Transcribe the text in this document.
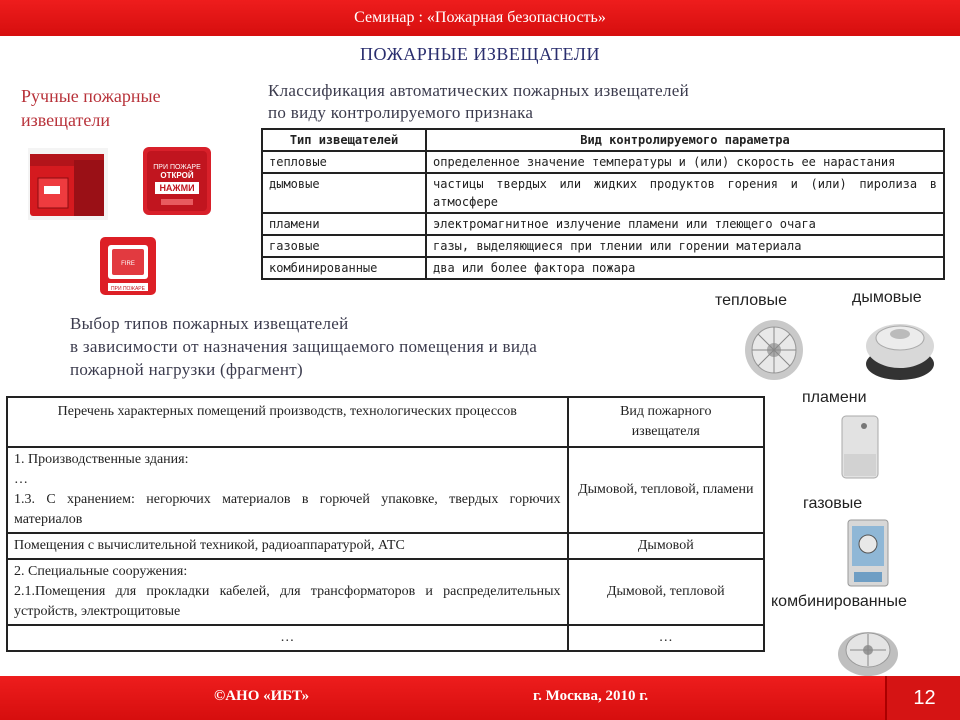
Семинар : «Пожарная безопасность»
ПОЖАРНЫЕ ИЗВЕЩАТЕЛИ
Ручные пожарные
извещатели
ПРИ ПОЖАРЕ
ОТКРОЙ
НАЖМИ
FIRE
ПРИ ПОЖАРЕ
Классификация автоматических пожарных извещателей
по виду контролируемого признака
Тип извещателей	Вид контролируемого параметра
тепловые	определенное значение температуры и (или) скорость ее нарастания
дымовые	частицы твердых или жидких продуктов горения и (или) пиролиза в атмосфере
пламени	электромагнитное излучение пламени или тлеющего очага
газовые	газы, выделяющиеся при тлении или горении материала
комбинированные	два или более фактора пожара
Выбор типов пожарных извещателей
в зависимости от назначения защищаемого помещения и вида
пожарной нагрузки (фрагмент)
Перечень характерных помещений производств, технологических процессов	Вид пожарного извещателя

1. Производственные здания:
…
1.3. С хранением: негорючих материалов в горючей упаковке, твердых горючих материалов	Дымовой, тепловой, пламени
Помещения с вычислительной техникой, радиоаппаратурой, АТС	Дымовой

2. Специальные сооружения:
2.1.Помещения для прокладки кабелей, для трансформаторов и распределительных устройств, электрощитовые	Дымовой, тепловой
…	…
тепловые	дымовые
пламени
газовые
комбинированные
©АНО «ИБТ»	г. Москва, 2010 г.	12
